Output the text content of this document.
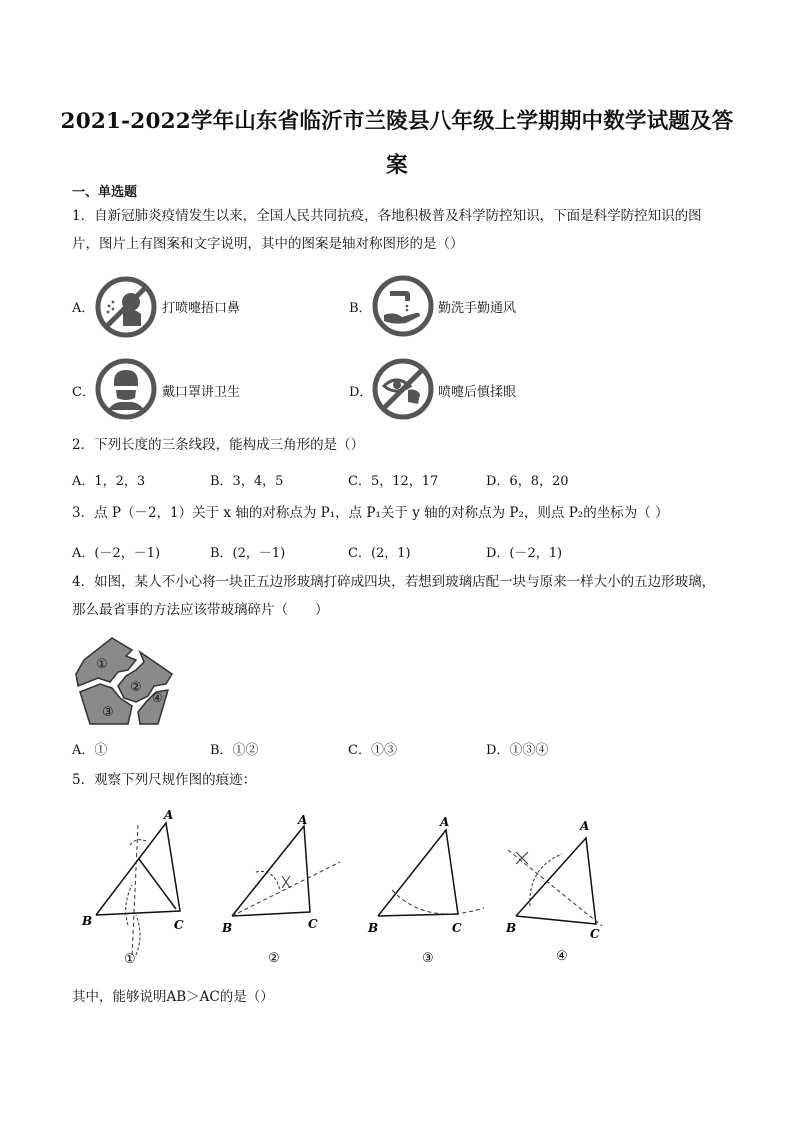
2021-2022学年山东省临沂市兰陵县八年级上学期期中数学试题及答
案
一、单选题
1．自新冠肺炎疫情发生以来，全国人民共同抗疫，各地积极普及科学防控知识，下面是科学防控知识的图
片，图片上有图案和文字说明，其中的图案是轴对称图形的是（）
A．	打喷嚏捂口鼻	B．	勤洗手勤通风
C．	戴口罩讲卫生	D．	喷嚏后慎揉眼
2．下列长度的三条线段，能构成三角形的是（）
A．1，2，3	B．3，4，5	C．5，12，17	D．6，8，20
3．点 P（－2，1）关于 x 轴的对称点为 P₁，点 P₁关于 y 轴的对称点为 P₂，则点 P₂的坐标为（ ）
A．(－2，－1)	B．(2，－1)	C．(2，1)	D．(－2，1)
4．如图，某人不小心将一块正五边形玻璃打碎成四块，若想到玻璃店配一块与原来一样大小的五边形玻璃，
那么最省事的方法应该带玻璃碎片（　　）
①
②
③
④
A．①	B．①②	C．①③	D．①③④
5．观察下列尺规作图的痕迹：
A
B	C
①
A
B	C
②
A
B	C
③
A
B	C
④
其中，能够说明AB＞AC的是（）
